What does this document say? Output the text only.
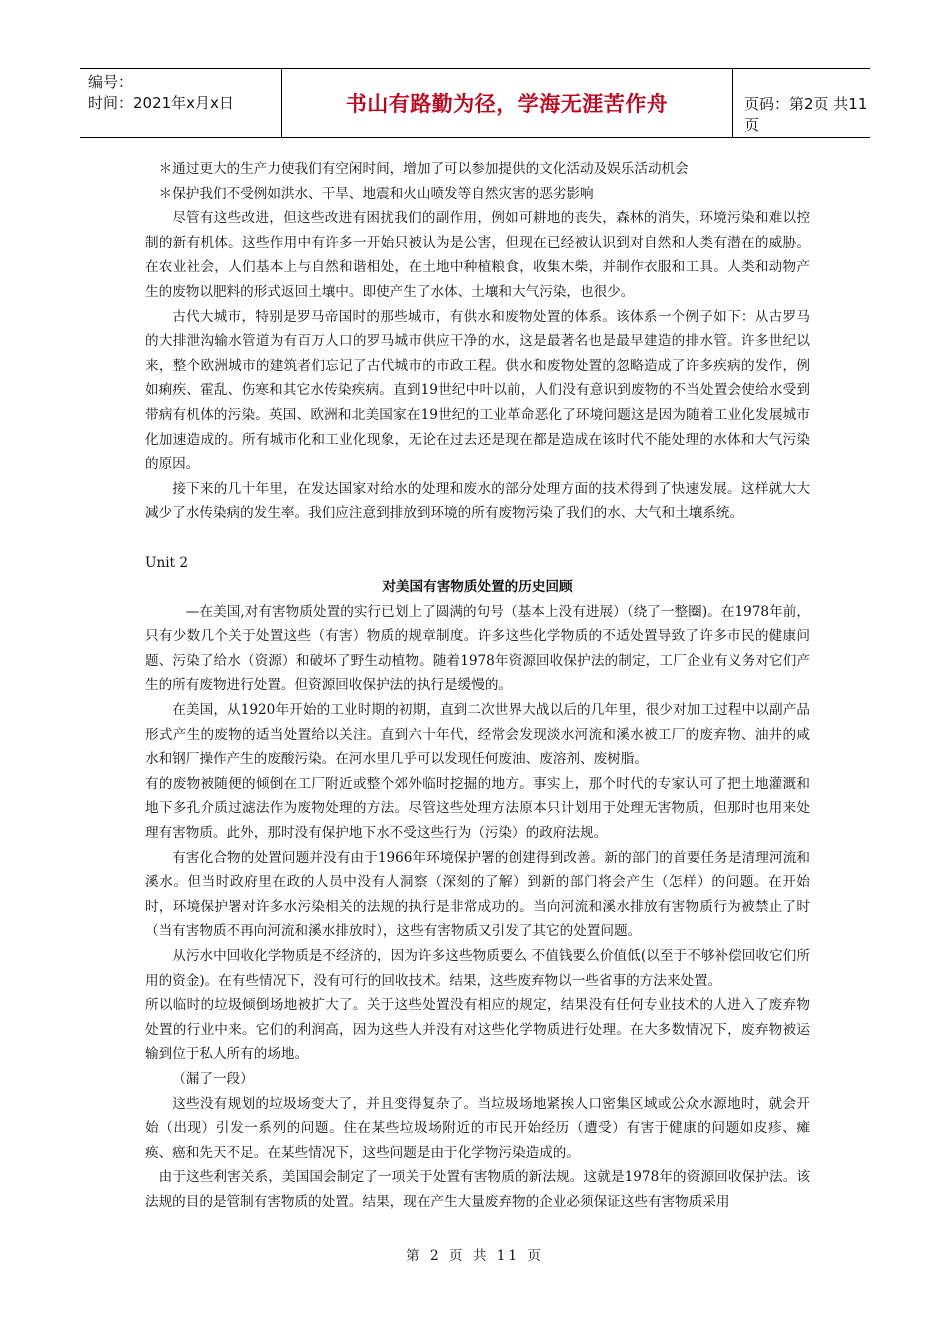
编号：
时间：2021年x月x日	书山有路勤为径，学海无涯苦作舟	页码：第2页 共11页

＊通过更大的生产力使我们有空闲时间，增加了可以参加提供的文化活动及娱乐活动机会

＊保护我们不受例如洪水、干旱、地震和火山喷发等自然灾害的恶劣影响

尽管有这些改进，但这些改进有困扰我们的副作用，例如可耕地的丧失，森林的消失，环境污染和难以控制的新有机体。这些作用中有许多一开始只被认为是公害，但现在已经被认识到对自然和人类有潜在的威胁。在农业社会，人们基本上与自然和谐相处，在土地中种植粮食，收集木柴，并制作衣服和工具。人类和动物产生的废物以肥料的形式返回土壤中。即使产生了水体、土壤和大气污染，也很少。

古代大城市，特别是罗马帝国时的那些城市，有供水和废物处置的体系。该体系一个例子如下：从古罗马的大排泄沟输水管道为有百万人口的罗马城市供应干净的水，这是最著名也是最早建造的排水管。许多世纪以来，整个欧洲城市的建筑者们忘记了古代城市的市政工程。供水和废物处置的忽略造成了许多疾病的发作，例如痢疾、霍乱、伤寒和其它水传染疾病。直到19世纪中叶以前，人们没有意识到废物的不当处置会使给水受到带病有机体的污染。英国、欧洲和北美国家在19世纪的工业革命恶化了环境问题这是因为随着工业化发展城市化加速造成的。所有城市化和工业化现象，无论在过去还是现在都是造成在该时代不能处理的水体和大气污染的原因。

接下来的几十年里，在发达国家对给水的处理和废水的部分处理方面的技术得到了快速发展。这样就大大减少了水传染病的发生率。我们应注意到排放到环境的所有废物污染了我们的水、大气和土壤系统。

Unit 2

对美国有害物质处置的历史回顾

—在美国,对有害物质处置的实行已划上了圆满的句号（基本上没有进展）（绕了一整圈)。在1978年前，只有少数几个关于处置这些（有害）物质的规章制度。许多这些化学物质的不适处置导致了许多市民的健康问题、污染了给水（资源）和破坏了野生动植物。随着1978年资源回收保护法的制定，工厂企业有义务对它们产生的所有废物进行处置。但资源回收保护法的执行是缓慢的。

在美国，从1920年开始的工业时期的初期，直到二次世界大战以后的几年里，很少对加工过程中以副产品形式产生的废物的适当处置给以关注。直到六十年代，经常会发现淡水河流和溪水被工厂的废弃物、油井的咸水和钢厂操作产生的废酸污染。在河水里几乎可以发现任何废油、废溶剂、废树脂。

有的废物被随便的倾倒在工厂附近或整个郊外临时挖掘的地方。事实上，那个时代的专家认可了把土地灌溉和地下多孔介质过滤法作为废物处理的方法。尽管这些处理方法原本只计划用于处理无害物质，但那时也用来处理有害物质。此外，那时没有保护地下水不受这些行为（污染）的政府法规。

有害化合物的处置问题并没有由于1966年环境保护署的创建得到改善。新的部门的首要任务是清理河流和溪水。但当时政府里在政的人员中没有人洞察（深刻的了解）到新的部门将会产生（怎样）的问题。在开始时，环境保护署对许多水污染相关的法规的执行是非常成功的。当向河流和溪水排放有害物质行为被禁止了时（当有害物质不再向河流和溪水排放时），这些有害物质又引发了其它的处置问题。

从污水中回收化学物质是不经济的，因为许多这些物质要么 不值钱要么价值低(以至于不够补偿回收它们所用的资金)。在有些情况下，没有可行的回收技术。结果，这些废弃物以一些省事的方法来处置。

所以临时的垃圾倾倒场地被扩大了。关于这些处置没有相应的规定，结果没有任何专业技术的人进入了废弃物处置的行业中来。它们的利润高，因为这些人并没有对这些化学物质进行处理。在大多数情况下，废弃物被运输到位于私人所有的场地。

（漏了一段）

这些没有规划的垃圾场变大了，并且变得复杂了。当垃圾场地紧挨人口密集区域或公众水源地时，就会开始（出现）引发一系列的问题。住在某些垃圾场附近的市民开始经历（遭受）有害于健康的问题如皮疹、瘫痪、癌和先天不足。在某些情况下，这些问题是由于化学物污染造成的。

由于这些利害关系，美国国会制定了一项关于处置有害物质的新法规。这就是1978年的资源回收保护法。该法规的目的是管制有害物质的处置。结果，现在产生大量废弃物的企业必须保证这些有害物质采用

第 2 页 共 11 页
